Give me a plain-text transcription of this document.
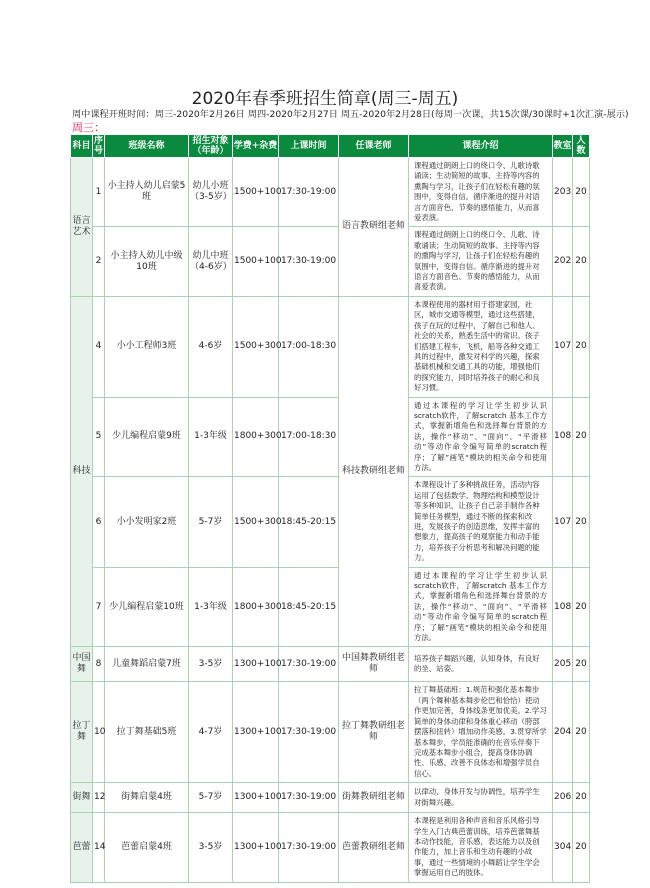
2020年春季班招生简章(周三-周五)
周中课程开班时间：周三-2020年2月26日 周四-2020年2月27日 周五-2020年2月28日(每周一次课，共15次课/30课时+1次汇演-展示)
周三：
科目	序号	班级名称	招生对象（年龄）	学费+杂费	上课时间	任课老师	课程介绍	教室	人数
语言艺术	1	小主持人幼儿启蒙5班	幼儿小班（3-5岁）	1500+100	17:30-19:00	语言教研组老师	课程通过朗朗上口的绕口令、儿歌诗歌诵读；生动简短的故事、主持等内容的熏陶与学习，让孩子们在轻松有趣的氛围中，变得自信。循序渐进的提升对语言方面音色、节奏的感悟能力，从而喜爱表演。	203	20
	2	小主持人幼儿中级10班	幼儿中班（4-6岁）	1500+100	17:30-19:00		课程通过朗朗上口的绕口令、儿歌、诗歌诵读；生动简短的故事、主持等内容的熏陶与学习，让孩子们在轻松有趣的氛围中，变得自信。循序渐进的提升对语言方面音色、节奏的感悟能力，从而喜爱表演。	202	20
科技	4	小小工程师3班	4-6岁	1500+300	17:00-18:30	科技教研组老师	本课程使用的器材用于搭建家园，社区，城市交通等模型，通过这些搭建，孩子在玩的过程中，了解自己和他人、社会的关系，熟悉生活中的常识。孩子们搭建工程车，飞机，船等各种交通工具的过程中，激发对科学的兴趣，探索基础机械和交通工具的功能，增强他们的探究能力，同时培养孩子的耐心和良好习惯。	107	20
	5	少儿编程启蒙9班	1-3年级	1800+300	17:00-18:30		通过本课程的学习让学生初步认识scratch软件，了解scratch 基本工作方式，掌握新增角色和选择舞台背景的方法，操作“移动”、“面向”、“平滑移动”等动作命令编写简单的scratch程序；了解”画笔“模块的相关命令和使用方法。	108	20
	6	小小发明家2班	5-7岁	1500+300	18:45-20:15		本课程设计了多种挑战任务，活动内容运用了包括数学、物理结构和模型设计等多种知识，让孩子自己亲手制作各种简单任务模型，通过不断的探索和改进，发展孩子的创造思维，发挥丰富的想象力，提高孩子的观察能力和动手能力，培养孩子分析思考和解决问题的能力。	107	20
	7	少儿编程启蒙10班	1-3年级	1800+300	18:45-20:15		通过本课程的学习让学生初步认识scratch软件，了解scratch 基本工作方式，掌握新增角色和选择舞台背景的方法，操作“移动”、“面向”、“平滑移动”等动作命令编写简单的scratch程序；了解”画笔“模块的相关命令和使用方法。	108	20
中国舞	8	儿童舞蹈启蒙7班	3-5岁	1300+100	17:30-19:00	中国舞教研组老师	培养孩子舞蹈兴趣，认知身体，有良好的坐、站姿。	205	20
拉丁舞	10	拉丁舞基础5班	4-7岁	1300+100	17:30-19:00	拉丁舞教研组老师	拉丁舞基础班：1.规范和强化基本舞步（两个舞种基本舞步伦巴和恰恰）使动作更加完善，身体线条更加优美。2.学习简单的身体动律和身体重心移动（胯部摆落和扭转）增加动作美感。3.贯穿所学基本舞步，学员能准确的在音乐伴奏下完成基本舞步小组合，提高身体协调性、乐感、改善不良体态和增强学员自信心。	204	20
街舞	12	街舞启蒙4班	5-7岁	1300+100	17:30-19:00	街舞教研组老师	以律动，身体开发与协调性，培养学生对街舞兴趣。	206	20
芭蕾	14	芭蕾启蒙4班	3-5岁	1300+100	17:30-19:00	芭蕾教研组老师	本课程是利用各种声音和音乐风格引导学生入门古典芭蕾训练，培养芭蕾舞基本动作技能，音乐感，表达能力以及创作能力，加上音乐和生动有趣的小故事，通过一些情境的小舞蹈让学生学会掌握运用自己的肢体。	304	20
